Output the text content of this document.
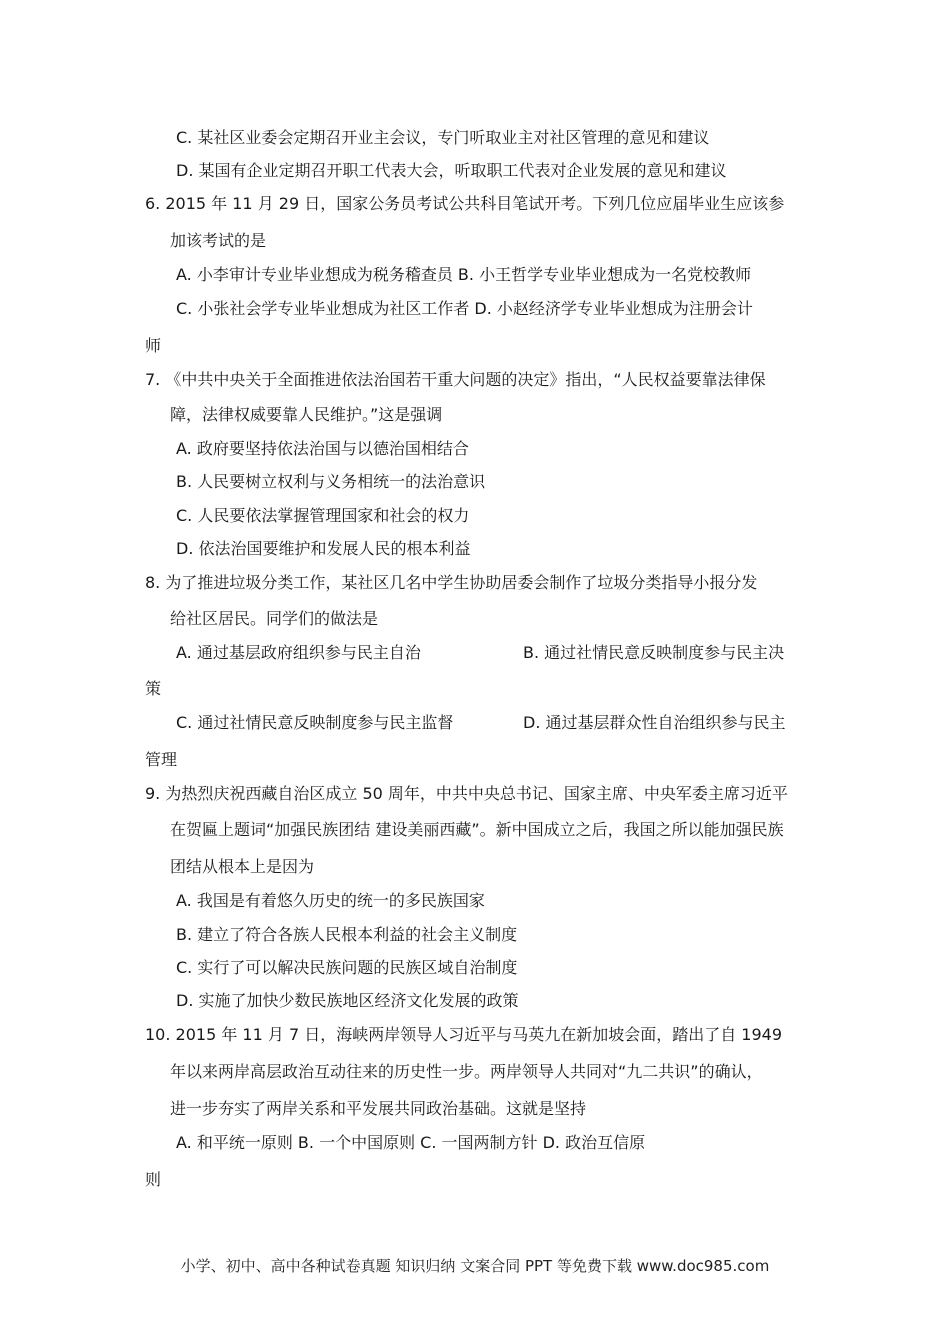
C. 某社区业委会定期召开业主会议，专门听取业主对社区管理的意见和建议
D. 某国有企业定期召开职工代表大会，听取职工代表对企业发展的意见和建议
6. 2015 年 11 月 29 日，国家公务员考试公共科目笔试开考。下列几位应届毕业生应该参
加该考试的是
A. 小李审计专业毕业想成为税务稽查员 B. 小王哲学专业毕业想成为一名党校教师
C. 小张社会学专业毕业想成为社区工作者 D. 小赵经济学专业毕业想成为注册会计
师
7. 《中共中央关于全面推进依法治国若干重大问题的决定》指出，“人民权益要靠法律保
障，法律权威要靠人民维护。”这是强调
A. 政府要坚持依法治国与以德治国相结合
B. 人民要树立权利与义务相统一的法治意识
C. 人民要依法掌握管理国家和社会的权力
D. 依法治国要维护和发展人民的根本利益
8. 为了推进垃圾分类工作，某社区几名中学生协助居委会制作了垃圾分类指导小报分发
给社区居民。同学们的做法是
A. 通过基层政府组织参与民主自治	B. 通过社情民意反映制度参与民主决
策
C. 通过社情民意反映制度参与民主监督	D. 通过基层群众性自治组织参与民主
管理
9. 为热烈庆祝西藏自治区成立 50 周年，中共中央总书记、国家主席、中央军委主席习近平
在贺匾上题词“加强民族团结 建设美丽西藏”。新中国成立之后，我国之所以能加强民族
团结从根本上是因为
A. 我国是有着悠久历史的统一的多民族国家
B. 建立了符合各族人民根本利益的社会主义制度
C. 实行了可以解决民族问题的民族区域自治制度
D. 实施了加快少数民族地区经济文化发展的政策
10. 2015 年 11 月 7 日，海峡两岸领导人习近平与马英九在新加坡会面，踏出了自 1949
年以来两岸高层政治互动往来的历史性一步。两岸领导人共同对“九二共识”的确认，
进一步夯实了两岸关系和平发展共同政治基础。这就是坚持
A. 和平统一原则 B. 一个中国原则 C. 一国两制方针 D. 政治互信原
则
小学、初中、高中各种试卷真题 知识归纳 文案合同 PPT 等免费下载 www.doc985.com
